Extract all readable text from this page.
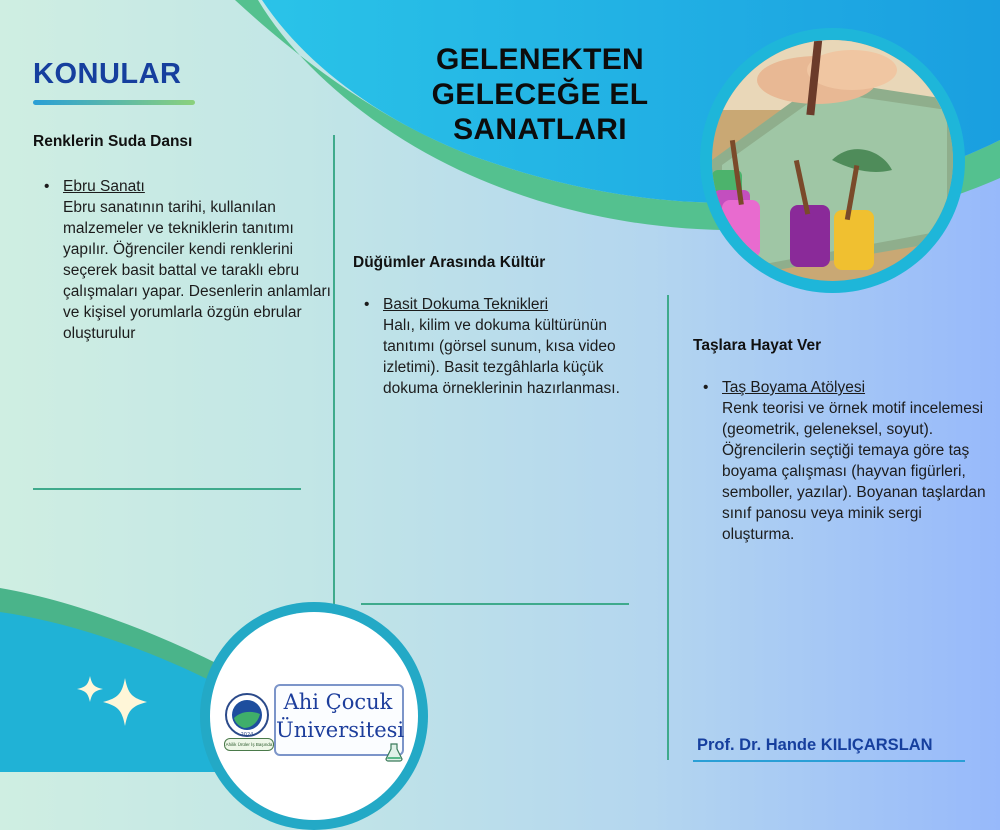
KONULAR	GELENEKTEN
GELECEĞE EL
SANATLARI
Renklerin Suda Dansı
• Ebru Sanatı
Ebru sanatının tarihi, kullanılan malzemeler ve tekniklerin tanıtımı yapılır. Öğrenciler kendi renklerini seçerek basit battal ve taraklı ebru çalışmaları yapar. Desenlerin anlamları ve kişisel yorumlarla özgün ebrular oluşturulur
Düğümler Arasında Kültür
• Basit Dokuma Teknikleri
Halı, kilim ve dokuma kültürünün tanıtımı (görsel sunum, kısa video izletimi). Basit tezgâhlarla küçük dokuma örneklerinin hazırlanması.
Taşlara Hayat Ver
• Taş Boyama Atölyesi
Renk teorisi ve örnek motif incelemesi (geometrik, geleneksel, soyut). Öğrencilerin seçtiği temaya göre taş boyama çalışması (hayvan figürleri, semboller, yazılar). Boyanan taşlardan sınıf panosu veya minik sergi oluşturma.
2024
Ahi Çocuk
Üniversitesi
Ahilik Ürüler İş Başında	Prof. Dr. Hande KILIÇARSLAN
